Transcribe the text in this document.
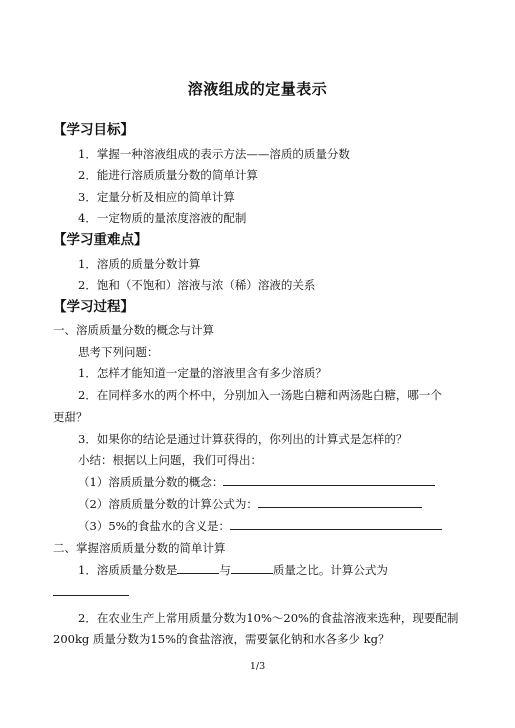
溶液组成的定量表示
【学习目标】
1．掌握一种溶液组成的表示方法——溶质的质量分数
2．能进行溶质质量分数的简单计算
3．定量分析及相应的简单计算
4．一定物质的量浓度溶液的配制
【学习重难点】
1．溶质的质量分数计算
2．饱和（不饱和）溶液与浓（稀）溶液的关系
【学习过程】
一、溶质质量分数的概念与计算
思考下列问题：
1．怎样才能知道一定量的溶液里含有多少溶质？
2．在同样多水的两个杯中，分别加入一汤匙白糖和两汤匙白糖，哪一个
更甜？
3．如果你的结论是通过计算获得的，你列出的计算式是怎样的？
小结：根据以上问题，我们可得出：
（1）溶质质量分数的概念：
（2）溶质质量分数的计算公式为：
（3）5%的食盐水的含义是：
二、掌握溶质质量分数的简单计算
1．溶质质量分数是	与	质量之比。计算公式为
2．在农业生产上常用质量分数为10%～20%的食盐溶液来选种，现要配制
200kg 质量分数为15%的食盐溶液，需要氯化钠和水各多少 kg？
1/3
